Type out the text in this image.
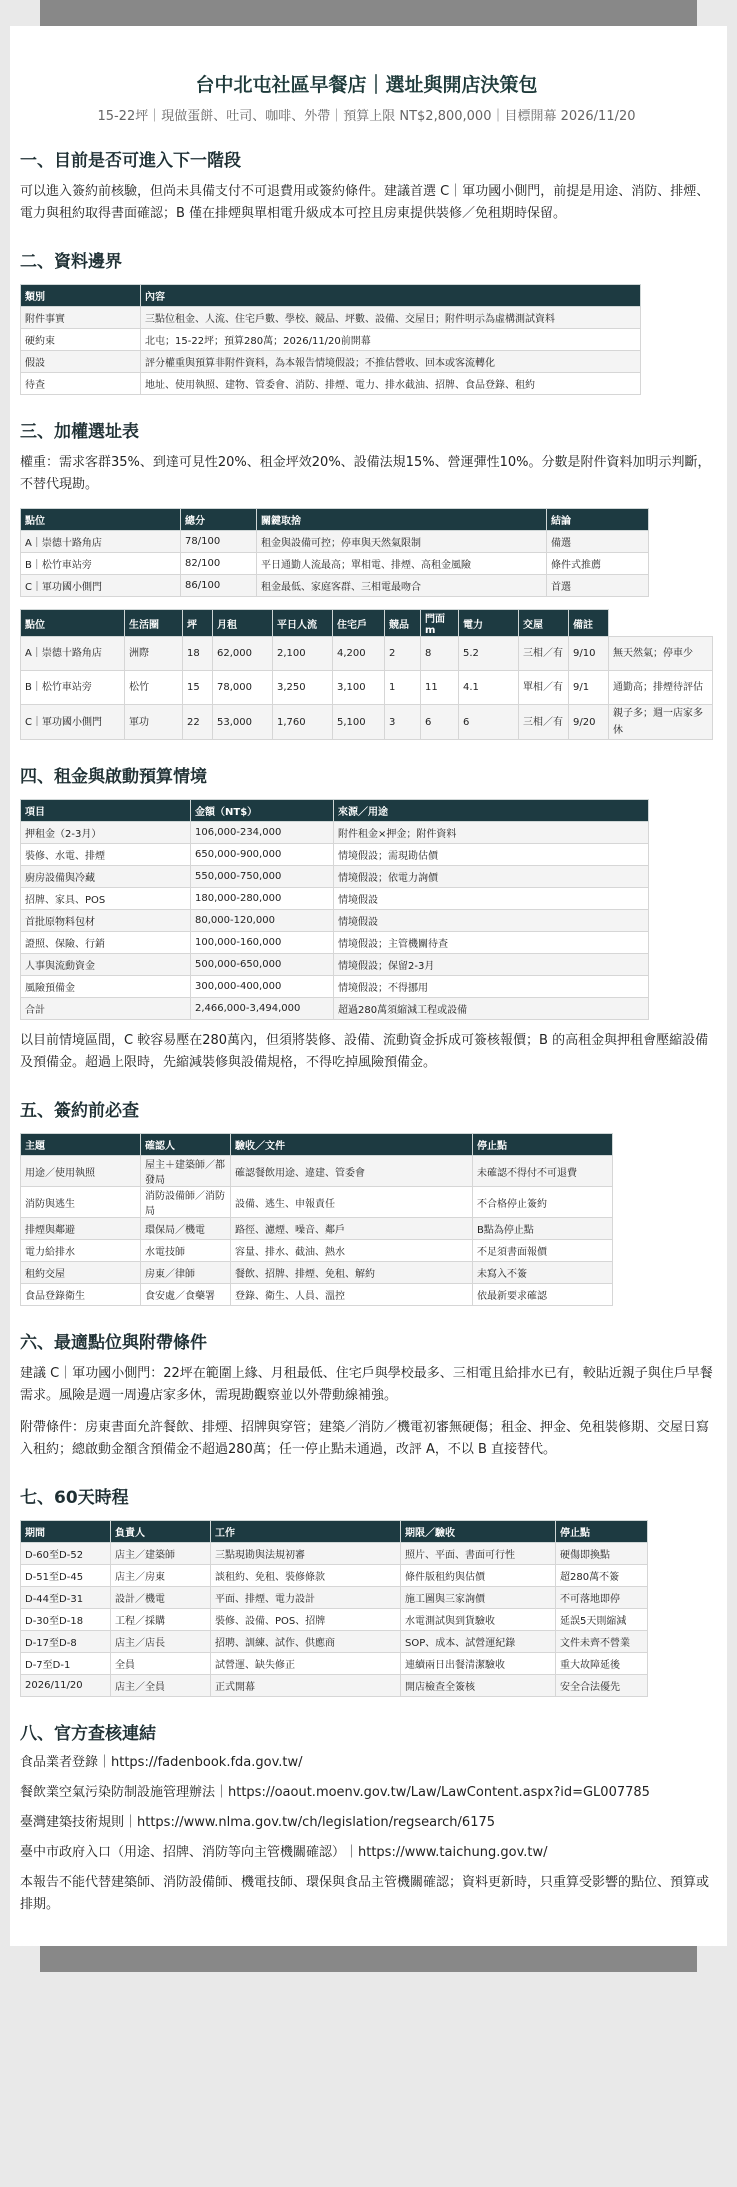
台中北屯社區早餐店｜選址與開店決策包
15-22坪｜現做蛋餅、吐司、咖啡、外帶｜預算上限 NT$2,800,000｜目標開幕 2026/11/20
一、目前是否可進入下一階段

可以進入簽約前核驗，但尚未具備支付不可退費用或簽約條件。建議首選 C｜軍功國小側門，前提是用途、消防、排煙、電力與租約取得書面確認；B 僅在排煙與單相電升級成本可控且房東提供裝修／免租期時保留。

二、資料邊界
類別	內容
附件事實	三點位租金、人流、住宅戶數、學校、競品、坪數、設備、交屋日；附件明示為虛構測試資料
硬約束	北屯；15-22坪；預算280萬；2026/11/20前開幕
假設	評分權重與預算非附件資料，為本報告情境假設；不推估營收、回本或客流轉化
待查	地址、使用執照、建物、管委會、消防、排煙、電力、排水截油、招牌、食品登錄、租約
三、加權選址表

權重：需求客群35%、到達可見性20%、租金坪效20%、設備法規15%、營運彈性10%。分數是附件資料加明示判斷，不替代現勘。

點位	總分	關鍵取捨	結論
A｜崇德十路角店	78/100	租金與設備可控；停車與天然氣限制	備選
B｜松竹車站旁	82/100	平日通勤人流最高；單相電、排煙、高租金風險	條件式推薦
C｜軍功國小側門	86/100	租金最低、家庭客群、三相電最吻合	首選
點位	生活圈	坪	月租	平日人流	住宅戶	競品	門面m	電力	交屋	備註	
A｜崇德十路角店	洲際	18	62,000	2,100	4,200	2	8	5.2	三相／有	9/10	無天然氣；停車少
B｜松竹車站旁	松竹	15	78,000	3,250	3,100	1	11	4.1	單相／有	9/1	通勤高；排煙待評估
C｜軍功國小側門	軍功	22	53,000	1,760	5,100	3	6	6	三相／有	9/20	親子多；週一店家多休
四、租金與啟動預算情境
項目	金額（NT$）	來源／用途
押租金（2-3月）	106,000-234,000	附件租金×押金；附件資料
裝修、水電、排煙	650,000-900,000	情境假設；需現勘估價
廚房設備與冷藏	550,000-750,000	情境假設；依電力詢價
招牌、家具、POS	180,000-280,000	情境假設
首批原物料包材	80,000-120,000	情境假設
證照、保險、行銷	100,000-160,000	情境假設；主管機關待查
人事與流動資金	500,000-650,000	情境假設；保留2-3月
風險預備金	300,000-400,000	情境假設；不得挪用
合計	2,466,000-3,494,000	超過280萬須縮減工程或設備

以目前情境區間，C 較容易壓在280萬內，但須將裝修、設備、流動資金拆成可簽核報價；B 的高租金與押租會壓縮設備及預備金。超過上限時，先縮減裝修與設備規格，不得吃掉風險預備金。

五、簽約前必查
主題	確認人	驗收／文件	停止點
用途／使用執照	屋主＋建築師／都發局	確認餐飲用途、違建、管委會	未確認不得付不可退費
消防與逃生	消防設備師／消防局	設備、逃生、申報責任	不合格停止簽約
排煙與鄰避	環保局／機電	路徑、濾煙、噪音、鄰戶	B點為停止點
電力給排水	水電技師	容量、排水、截油、熱水	不足須書面報價
租約交屋	房東／律師	餐飲、招牌、排煙、免租、解約	未寫入不簽
食品登錄衛生	食安處／食藥署	登錄、衛生、人員、溫控	依最新要求確認
六、最適點位與附帶條件

建議 C｜軍功國小側門：22坪在範圍上緣、月租最低、住宅戶與學校最多、三相電且給排水已有，較貼近親子與住戶早餐需求。風險是週一周邊店家多休，需現勘觀察並以外帶動線補強。

附帶條件：房東書面允許餐飲、排煙、招牌與穿管；建築／消防／機電初審無硬傷；租金、押金、免租裝修期、交屋日寫入租約；總啟動金額含預備金不超過280萬；任一停止點未通過，改評 A，不以 B 直接替代。

七、60天時程
期間	負責人	工作	期限／驗收	停止點
D-60至D-52	店主／建築師	三點現勘與法規初審	照片、平面、書面可行性	硬傷即換點
D-51至D-45	店主／房東	談租約、免租、裝修條款	條件版租約與估價	超280萬不簽
D-44至D-31	設計／機電	平面、排煙、電力設計	施工圖與三家詢價	不可落地即停
D-30至D-18	工程／採購	裝修、設備、POS、招牌	水電測試與到貨驗收	延誤5天則縮減
D-17至D-8	店主／店長	招聘、訓練、試作、供應商	SOP、成本、試營運紀錄	文件未齊不營業
D-7至D-1	全員	試營運、缺失修正	連續兩日出餐清潔驗收	重大故障延後
2026/11/20	店主／全員	正式開幕	開店檢查全簽核	安全合法優先
八、官方查核連結

食品業者登錄｜https://fadenbook.fda.gov.tw/

餐飲業空氣污染防制設施管理辦法｜https://oaout.moenv.gov.tw/Law/LawContent.aspx?id=GL007785

臺灣建築技術規則｜https://www.nlma.gov.tw/ch/legislation/regsearch/6175

臺中市政府入口（用途、招牌、消防等向主管機關確認）｜https://www.taichung.gov.tw/

本報告不能代替建築師、消防設備師、機電技師、環保與食品主管機關確認；資料更新時，只重算受影響的點位、預算或排期。
